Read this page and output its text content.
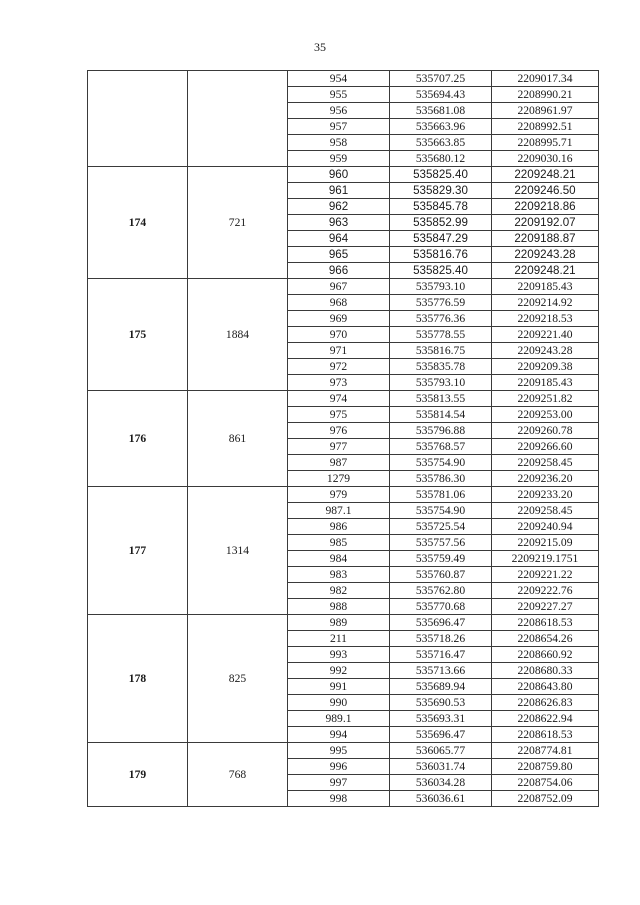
35
		954	535707.25	2209017.34
		955	535694.43	2208990.21
		956	535681.08	2208961.97
		957	535663.96	2208992.51
		958	535663.85	2208995.71
		959	535680.12	2209030.16
174	721	960	535825.40	2209248.21
		961	535829.30	2209246.50
		962	535845.78	2209218.86
		963	535852.99	2209192.07
		964	535847.29	2209188.87
		965	535816.76	2209243.28
		966	535825.40	2209248.21
175	1884	967	535793.10	2209185.43
		968	535776.59	2209214.92
		969	535776.36	2209218.53
		970	535778.55	2209221.40
		971	535816.75	2209243.28
		972	535835.78	2209209.38
		973	535793.10	2209185.43
176	861	974	535813.55	2209251.82
		975	535814.54	2209253.00
		976	535796.88	2209260.78
		977	535768.57	2209266.60
		987	535754.90	2209258.45
		1279	535786.30	2209236.20
177	1314	979	535781.06	2209233.20
		987.1	535754.90	2209258.45
		986	535725.54	2209240.94
		985	535757.56	2209215.09
		984	535759.49	2209219.1751
		983	535760.87	2209221.22
		982	535762.80	2209222.76
		988	535770.68	2209227.27
178	825	989	535696.47	2208618.53
		211	535718.26	2208654.26
		993	535716.47	2208660.92
		992	535713.66	2208680.33
		991	535689.94	2208643.80
		990	535690.53	2208626.83
		989.1	535693.31	2208622.94
		994	535696.47	2208618.53
179	768	995	536065.77	2208774.81
		996	536031.74	2208759.80
		997	536034.28	2208754.06
		998	536036.61	2208752.09
